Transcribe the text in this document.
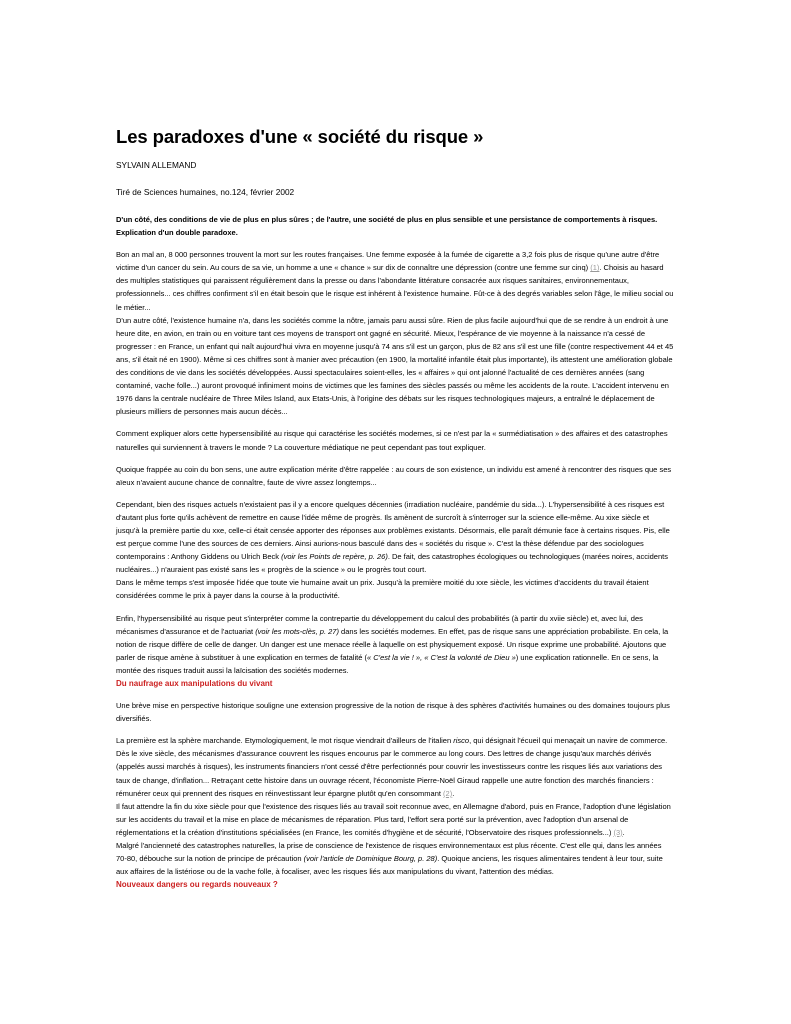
Les paradoxes d'une « société du risque »

SYLVAIN ALLEMAND

Tiré de Sciences humaines, no.124, février 2002

D'un côté, des conditions de vie de plus en plus sûres ; de l'autre, une société de plus en plus sensible et une persistance de comportements à risques. Explication d'un double paradoxe.

Bon an mal an, 8 000 personnes trouvent la mort sur les routes françaises. Une femme exposée à la fumée de cigarette a 3,2 fois plus de risque qu'une autre d'être victime d'un cancer du sein. Au cours de sa vie, un homme a une « chance » sur dix de connaître une dépression (contre une femme sur cinq) (1). Choisis au hasard des multiples statistiques qui paraissent régulièrement dans la presse ou dans l'abondante littérature consacrée aux risques sanitaires, environnementaux, professionnels... ces chiffres confirment s'il en était besoin que le risque est inhérent à l'existence humaine. Fût-ce à des degrés variables selon l'âge, le milieu social ou le métier...

D'un autre côté, l'existence humaine n'a, dans les sociétés comme la nôtre, jamais paru aussi sûre. Rien de plus facile aujourd'hui que de se rendre à un endroit à une heure dite, en avion, en train ou en voiture tant ces moyens de transport ont gagné en sécurité. Mieux, l'espérance de vie moyenne à la naissance n'a cessé de progresser : en France, un enfant qui naît aujourd'hui vivra en moyenne jusqu'à 74 ans s'il est un garçon, plus de 82 ans s'il est une fille (contre respectivement 44 et 45 ans, s'il était né en 1900). Même si ces chiffres sont à manier avec précaution (en 1900, la mortalité infantile était plus importante), ils attestent une amélioration globale des conditions de vie dans les sociétés développées. Aussi spectaculaires soient-elles, les « affaires » qui ont jalonné l'actualité de ces dernières années (sang contaminé, vache folle...) auront provoqué infiniment moins de victimes que les famines des siècles passés ou même les accidents de la route. L'accident intervenu en 1976 dans la centrale nucléaire de Three Miles Island, aux Etats-Unis, à l'origine des débats sur les risques technologiques majeurs, a entraîné le déplacement de plusieurs milliers de personnes mais aucun décès...

Comment expliquer alors cette hypersensibilité au risque qui caractérise les sociétés modernes, si ce n'est par la « surmédiatisation » des affaires et des catastrophes naturelles qui surviennent à travers le monde ? La couverture médiatique ne peut cependant pas tout expliquer.

Quoique frappée au coin du bon sens, une autre explication mérite d'être rappelée : au cours de son existence, un individu est amené à rencontrer des risques que ses aïeux n'avaient aucune chance de connaître, faute de vivre assez longtemps...

Cependant, bien des risques actuels n'existaient pas il y a encore quelques décennies (irradiation nucléaire, pandémie du sida...). L'hypersensibilité à ces risques est d'autant plus forte qu'ils achèvent de remettre en cause l'idée même de progrès. Ils amènent de surcroît à s'interroger sur la science elle-même. Au xixe siècle et jusqu'à la première partie du xxe, celle-ci était censée apporter des réponses aux problèmes existants. Désormais, elle paraît démunie face à certains risques. Pis, elle est perçue comme l'une des sources de ces derniers. Ainsi aurions-nous basculé dans des « sociétés du risque ». C'est la thèse défendue par des sociologues contemporains : Anthony Giddens ou Ulrich Beck (voir les Points de repère, p. 26). De fait, des catastrophes écologiques ou technologiques (marées noires, accidents nucléaires...) n'auraient pas existé sans les « progrès de la science » ou le progrès tout court.

Dans le même temps s'est imposée l'idée que toute vie humaine avait un prix. Jusqu'à la première moitié du xxe siècle, les victimes d'accidents du travail étaient considérées comme le prix à payer dans la course à la productivité.

Enfin, l'hypersensibilité au risque peut s'interpréter comme la contrepartie du développement du calcul des probabilités (à partir du xviie siècle) et, avec lui, des mécanismes d'assurance et de l'actuariat (voir les mots-clès, p. 27) dans les sociétés modernes. En effet, pas de risque sans une appréciation probabiliste. En cela, la notion de risque diffère de celle de danger. Un danger est une menace réelle à laquelle on est physiquement exposé. Un risque exprime une probabilité. Ajoutons que parler de risque amène à substituer à une explication en termes de fatalité (« C'est la vie ! », « C'est la volonté de Dieu ») une explication rationnelle. En ce sens, la montée des risques traduit aussi la laïcisation des sociétés modernes.

Du naufrage aux manipulations du vivant

Une brève mise en perspective historique souligne une extension progressive de la notion de risque à des sphères d'activités humaines ou des domaines toujours plus diversifiés.

La première est la sphère marchande. Etymologiquement, le mot risque viendrait d'ailleurs de l'italien risco, qui désignait l'écueil qui menaçait un navire de commerce. Dès le xive siècle, des mécanismes d'assurance couvrent les risques encourus par le commerce au long cours. Des lettres de change jusqu'aux marchés dérivés (appelés aussi marchés à risques), les instruments financiers n'ont cessé d'être perfectionnés pour couvrir les investisseurs contre les risques liés aux variations des taux de change, d'inflation... Retraçant cette histoire dans un ouvrage récent, l'économiste Pierre-Noël Giraud rappelle une autre fonction des marchés financiers : rémunérer ceux qui prennent des risques en réinvestissant leur épargne plutôt qu'en consommant (2).

Il faut attendre la fin du xixe siècle pour que l'existence des risques liés au travail soit reconnue avec, en Allemagne d'abord, puis en France, l'adoption d'une législation sur les accidents du travail et la mise en place de mécanismes de réparation. Plus tard, l'effort sera porté sur la prévention, avec l'adoption d'un arsenal de réglementations et la création d'institutions spécialisées (en France, les comités d'hygiène et de sécurité, l'Observatoire des risques professionnels...) (3).

Malgré l'ancienneté des catastrophes naturelles, la prise de conscience de l'existence de risques environnementaux est plus récente. C'est elle qui, dans les années 70-80, débouche sur la notion de principe de précaution (voir l'article de Dominique Bourg, p. 28). Quoique anciens, les risques alimentaires tendent à leur tour, suite aux affaires de la listériose ou de la vache folle, à focaliser, avec les risques liés aux manipulations du vivant, l'attention des médias.

Nouveaux dangers ou regards nouveaux ?
